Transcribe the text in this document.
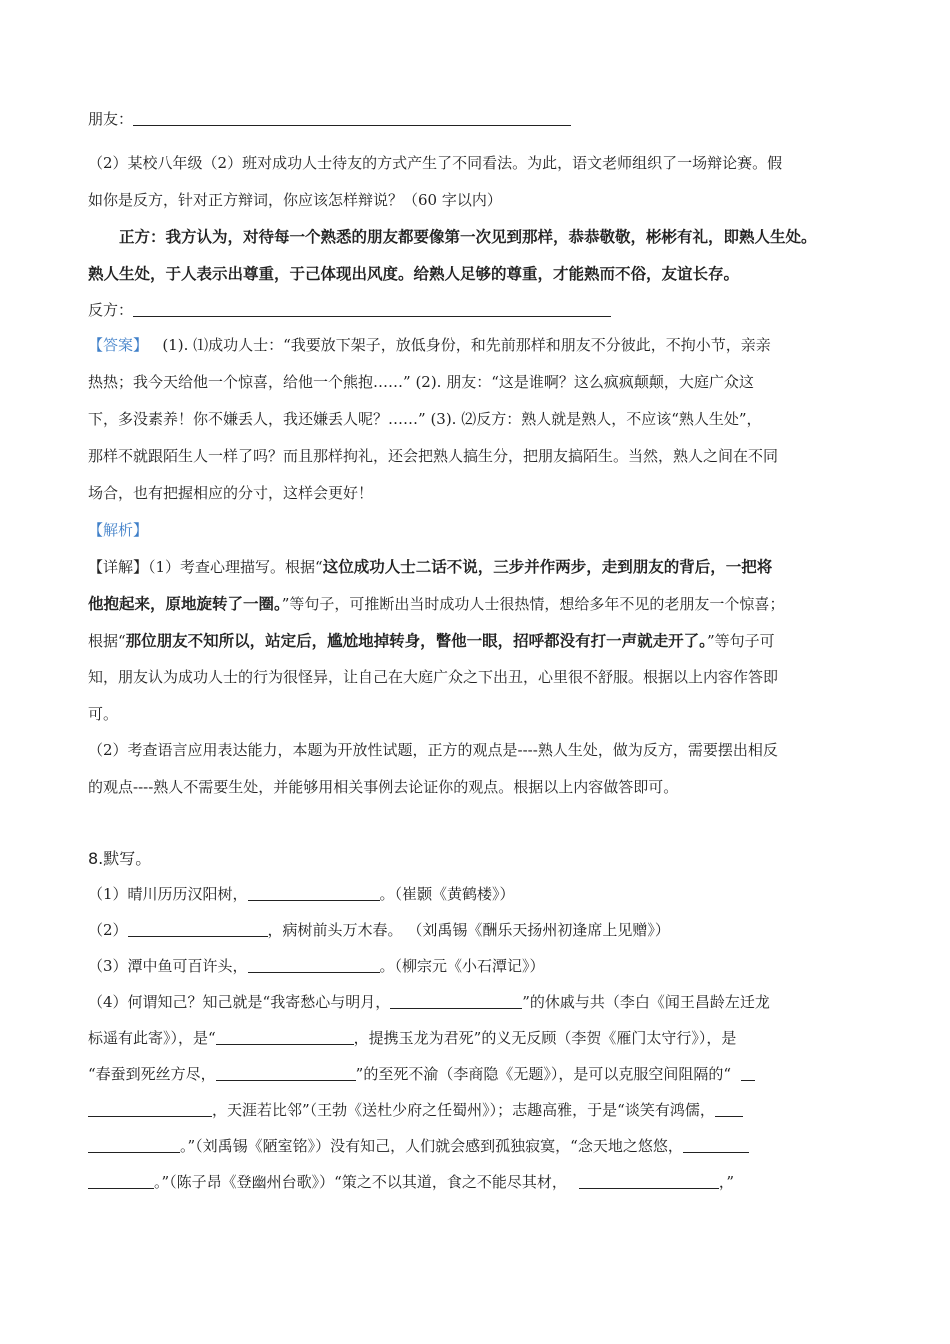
朋友：
（2）某校八年级（2）班对成功人士待友的方式产生了不同看法。为此，语文老师组织了一场辩论赛。假
如你是反方，针对正方辩词，你应该怎样辩说？（60 字以内）
正方：我方认为，对待每一个熟悉的朋友都要像第一次见到那样，恭恭敬敬，彬彬有礼，即熟人生处。
熟人生处，于人表示出尊重，于己体现出风度。给熟人足够的尊重，才能熟而不俗，友谊长存。
反方：
【答案】 (1). ⑴成功人士：“我要放下架子，放低身份，和先前那样和朋友不分彼此，不拘小节，亲亲
热热；我今天给他一个惊喜，给他一个熊抱……” (2). 朋友：“这是谁啊？这么疯疯颠颠，大庭广众这
下，多没素养！你不嫌丢人，我还嫌丢人呢？……” (3). ⑵反方：熟人就是熟人，不应该“熟人生处”，
那样不就跟陌生人一样了吗？而且那样拘礼，还会把熟人搞生分，把朋友搞陌生。当然，熟人之间在不同
场合，也有把握相应的分寸，这样会更好！
【解析】
【详解】（1）考查心理描写。根据“这位成功人士二话不说，三步并作两步，走到朋友的背后，一把将
他抱起来，原地旋转了一圈。”等句子，可推断出当时成功人士很热情，想给多年不见的老朋友一个惊喜；
根据“那位朋友不知所以，站定后，尴尬地掉转身，瞥他一眼，招呼都没有打一声就走开了。”等句子可
知，朋友认为成功人士的行为很怪异，让自己在大庭广众之下出丑，心里很不舒服。根据以上内容作答即
可。
（2）考查语言应用表达能力，本题为开放性试题，正方的观点是----熟人生处，做为反方，需要摆出相反
的观点----熟人不需要生处，并能够用相关事例去论证你的观点。根据以上内容做答即可。
8.默写。
（1）晴川历历汉阳树，	。（崔颢《黄鹤楼》）
（2）	，病树前头万木春。 （刘禹锡《酬乐天扬州初逢席上见赠》）
（3）潭中鱼可百许头，	。（柳宗元《小石潭记》）
（4）何谓知己？知己就是“我寄愁心与明月，	”的休戚与共（李白《闻王昌龄左迁龙
标遥有此寄》），是“	，提携玉龙为君死”的义无反顾（李贺《雁门太守行》），是
“春蚕到死丝方尽，	”的至死不渝（李商隐《无题》），是可以克服空间阻隔的“
，天涯若比邻”（王勃《送杜少府之任蜀州》）；志趣高雅，于是“谈笑有鸿儒，
。”（刘禹锡《陋室铭》）没有知己，人们就会感到孤独寂寞，“念天地之悠悠，
。”（陈子昂《登幽州台歌》）“策之不以其道，食之不能尽其材，	，”
